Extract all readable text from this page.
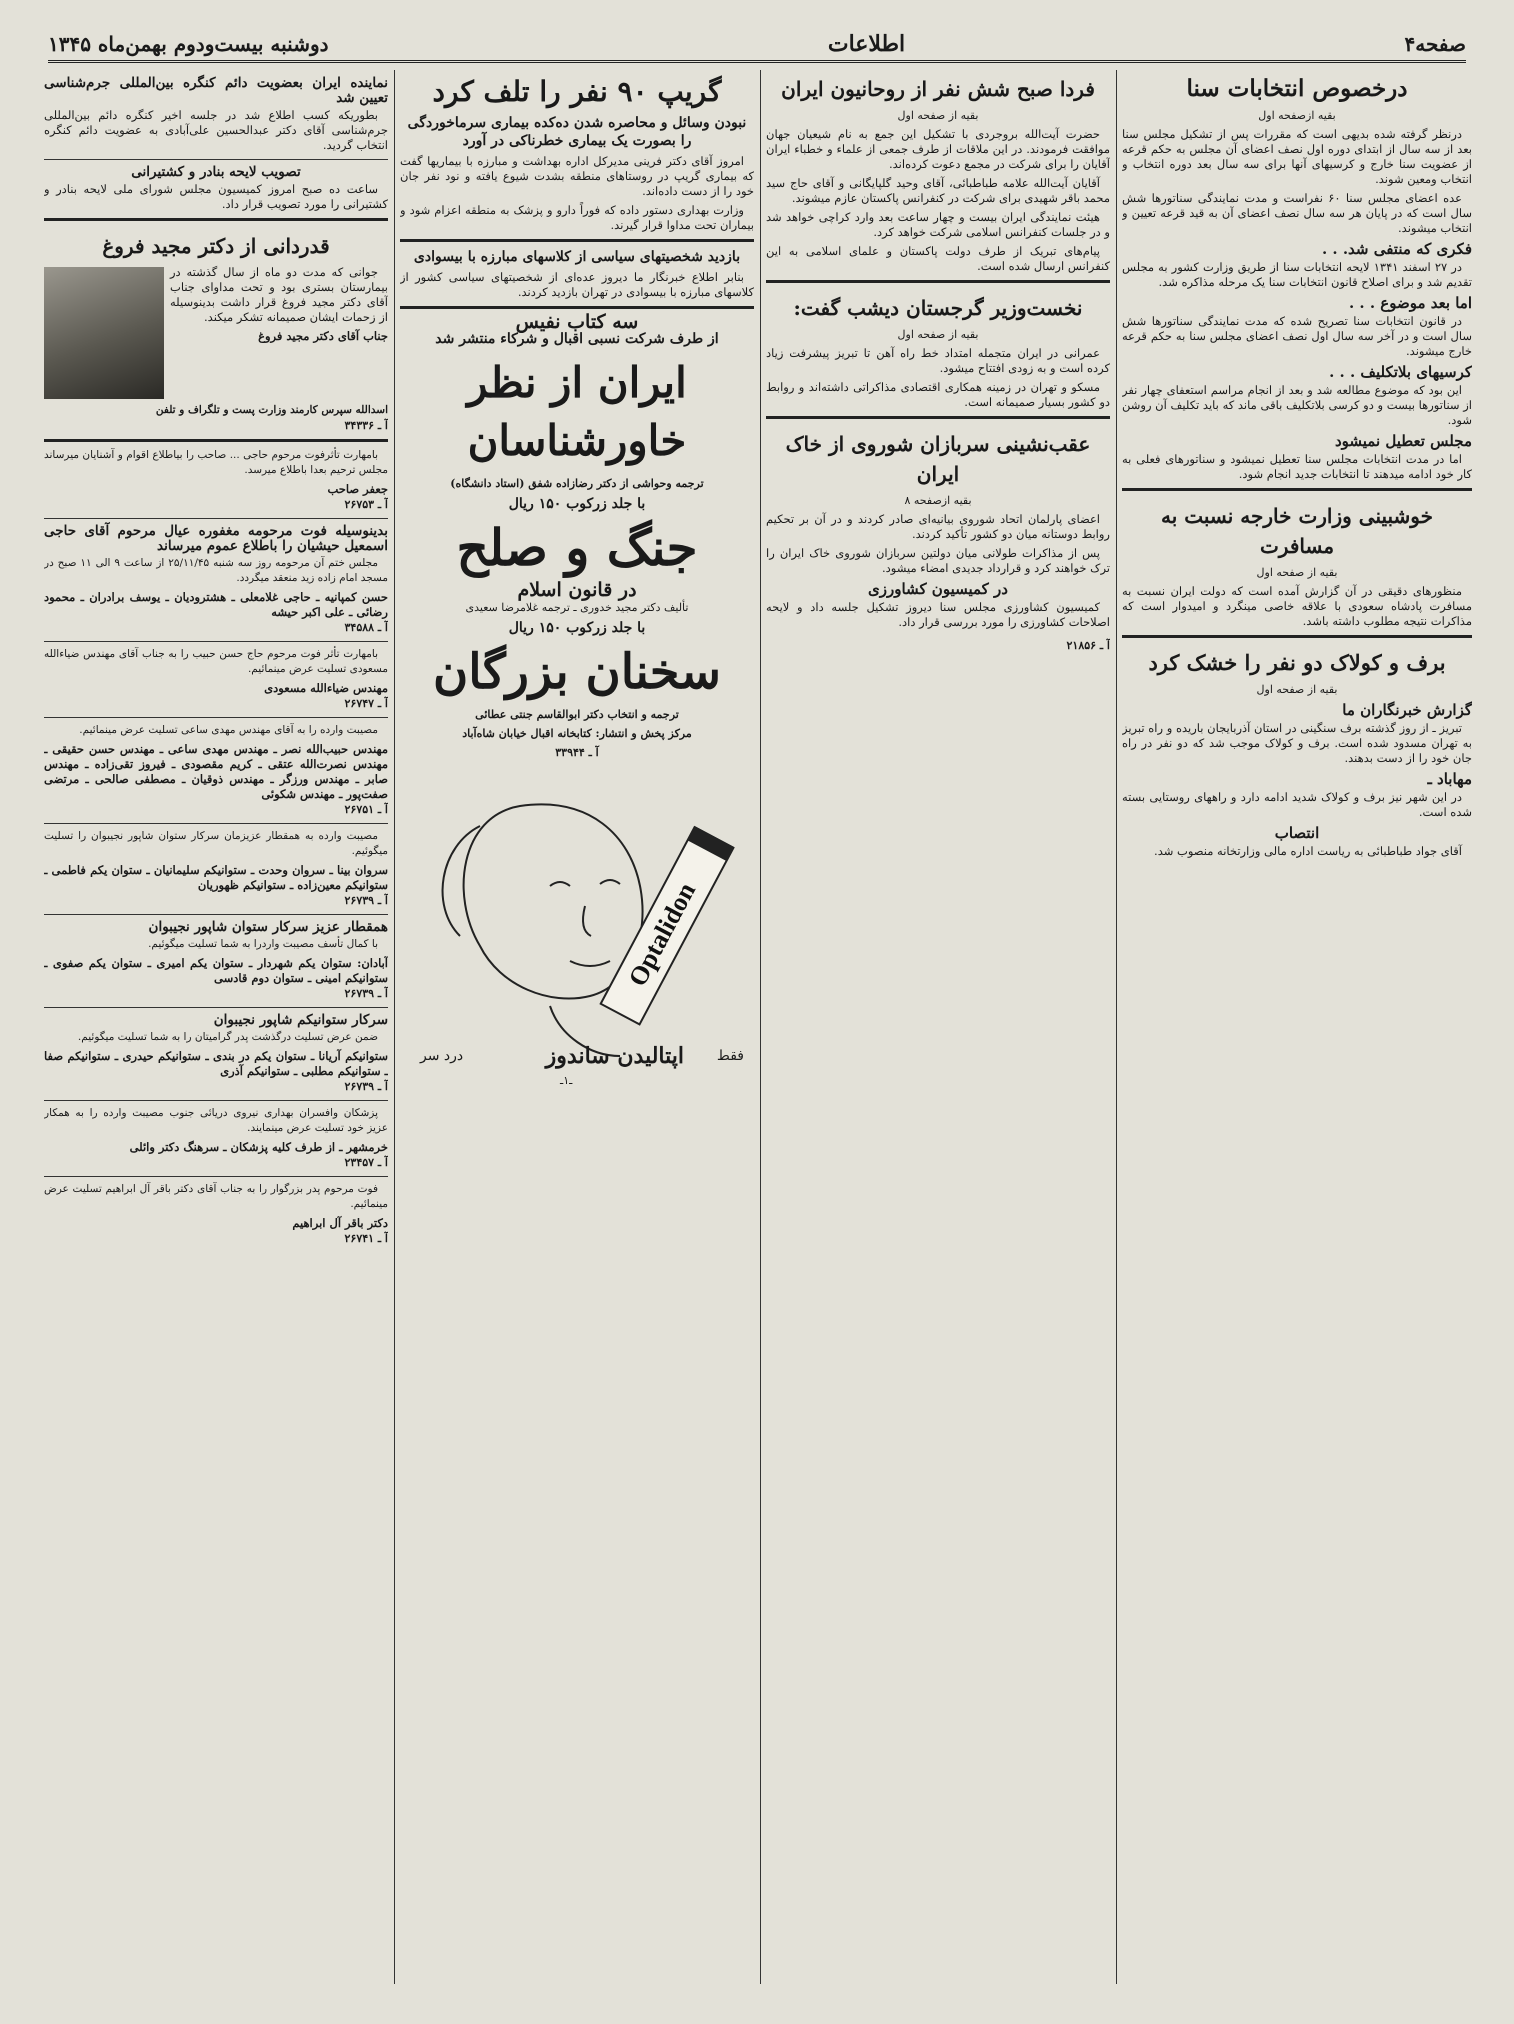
صفحه۴
اطلاعات
دوشنبه بیست‌ودوم بهمن‌ماه ۱۳۴۵
درخصوص انتخابات سنا
بقیه ازصفحه اول

درنظر گرفته شده بدیهی است که مقررات پس از تشکیل مجلس سنا بعد از سه سال از ابتدای دوره اول نصف اعضای آن مجلس به حکم قرعه از عضویت سنا خارج و کرسیهای آنها برای سه سال بعد دوره انتخاب و انتخاب ومعین شوند.

عده اعضای مجلس سنا ۶۰ نفراست و مدت نمایندگی سناتورها شش سال است که در پایان هر سه سال نصف اعضای آن به قید قرعه تعیین و انتخاب میشوند.

فکری که منتفی شد. . .

در ۲۷ اسفند ۱۳۴۱ لایحه انتخابات سنا از طریق وزارت کشور به مجلس تقدیم شد و برای اصلاح قانون انتخابات سنا یک مرحله مذاکره شد.

اما بعد موضوع . . .

در قانون انتخابات سنا تصریح شده که مدت نمایندگی سناتورها شش سال است و در آخر سه سال اول نصف اعضای مجلس سنا به حکم قرعه خارج میشوند.

کرسیهای بلاتکلیف . . .

این بود که موضوع مطالعه شد و بعد از انجام مراسم استعفای چهار نفر از سناتورها بیست و دو کرسی بلاتکلیف باقی ماند که باید تکلیف آن روشن شود.

مجلس تعطیل نمیشود

اما در مدت انتخابات مجلس سنا تعطیل نمیشود و سناتورهای فعلی به کار خود ادامه میدهند تا انتخابات جدید انجام شود.

خوشبینی وزارت خارجه نسبت به مسافرت
بقیه از صفحه اول

منظورهای دقیقی در آن گزارش آمده است که دولت ایران نسبت به مسافرت پادشاه سعودی با علاقه خاصی مینگرد و امیدوار است که مذاکرات نتیجه مطلوب داشته باشد.

برف و کولاک دو نفر را خشک کرد
بقیه از صفحه اول
گزارش خبرنگاران ما

تبریز ـ از روز گذشته برف سنگینی در استان آذربایجان باریده و راه تبریز به تهران مسدود شده است. برف و کولاک موجب شد که دو نفر در راه جان خود را از دست بدهند.

مهاباد ـ

در این شهر نیز برف و کولاک شدید ادامه دارد و راههای روستایی بسته شده است.

انتصاب

آقای جواد طباطبائی به ریاست اداره مالی وزارتخانه منصوب شد.

فردا صبح شش نفر از روحانیون ایران
بقیه از صفحه اول

حضرت آیت‌الله بروجردی با تشکیل این جمع به نام شیعیان جهان موافقت فرمودند. در این ملاقات از طرف جمعی از علماء و خطباء ایران آقایان را برای شرکت در مجمع دعوت کرده‌اند.

آقایان آیت‌الله علامه طباطبائی، آقای وحید گلپایگانی و آقای حاج سید محمد باقر شهیدی برای شرکت در کنفرانس پاکستان عازم میشوند.

هیئت نمایندگی ایران بیست و چهار ساعت بعد وارد کراچی خواهد شد و در جلسات کنفرانس اسلامی شرکت خواهد کرد.

پیام‌های تبریک از طرف دولت پاکستان و علمای اسلامی به این کنفرانس ارسال شده است.

نخست‌وزیر گرجستان دیشب گفت:
بقیه از صفحه اول

عمرانی در ایران متجمله امتداد خط راه آهن تا تبریز پیشرفت زیاد کرده است و به زودی افتتاح میشود.

مسکو و تهران در زمینه همکاری اقتصادی مذاکراتی داشته‌اند و روابط دو کشور بسیار صمیمانه است.

عقب‌نشینی سربازان شوروی از خاک ایران
بقیه ازصفحه ۸

اعضای پارلمان اتحاد شوروی بیانیه‌ای صادر کردند و در آن بر تحکیم روابط دوستانه میان دو کشور تأکید کردند.

پس از مذاکرات طولانی میان دولتین سربازان شوروی خاک ایران را ترک خواهند کرد و قرارداد جدیدی امضاء میشود.

در کمیسیون کشاورزی

کمیسیون کشاورزی مجلس سنا دیروز تشکیل جلسه داد و لایحه اصلاحات کشاورزی را مورد بررسی قرار داد.

آ ـ ۲۱۸۵۶
گریپ ۹۰ نفر را تلف کرد
نبودن وسائل و محاصره شدن ده‌کده بیماری سرماخوردگی را بصورت یک بیماری خطرناکی در آورد

امروز آقای دکتر فرینی مدیرکل اداره بهداشت و مبارزه با بیماریها گفت که بیماری گریپ در روستاهای منطقه بشدت شیوع یافته و نود نفر جان خود را از دست داده‌اند.

وزارت بهداری دستور داده که فوراً دارو و پزشک به منطقه اعزام شود و بیماران تحت مداوا قرار گیرند.

بازدید شخصیتهای سیاسی از کلاسهای مبارزه با بیسوادی

بنابر اطلاع خبرنگار ما دیروز عده‌ای از شخصیتهای سیاسی کشور از کلاسهای مبارزه با بیسوادی در تهران بازدید کردند.

سه کتاب نفیس
از طرف شرکت نسبی اقبال و شرکاء منتشر شد
ایران از نظر خاورشناسان
ترجمه وحواشی از دکتر رضازاده شفق (استاد دانشگاه)
با جلد زرکوب ۱۵۰ ریال
جنگ و صلح
در قانون اسلام
تألیف دکتر مجید خدوری ـ ترجمه غلامرضا سعیدی
با جلد زرکوب ۱۵۰ ریال
سخنان بزرگان
ترجمه و انتخاب دکتر ابوالقاسم جنتی عطائی
مرکز پخش و انتشار: کتابخانه اقبال خیابان شاه‌آباد
آ ـ ۳۳۹۴۴
Optalidon
اپتالیدن ساندوز فقط
درد سر
ـ۱ـ
نماینده ایران بعضویت دائم کنگره بین‌المللی جرم‌شناسی تعیین شد

بطوریکه کسب اطلاع شد در جلسه اخیر کنگره دائم بین‌المللی جرم‌شناسی آقای دکتر عبدالحسین علی‌آبادی به عضویت دائم کنگره انتخاب گردید.

تصویب لایحه بنادر و کشتیرانی

ساعت ده صبح امروز کمیسیون مجلس شورای ملی لایحه بنادر و کشتیرانی را مورد تصویب قرار داد.

قدردانی از دکتر مجید فروغ

جوانی که مدت دو ماه از سال گذشته در بیمارستان بستری بود و تحت مداوای جناب آقای دکتر مجید فروغ قرار داشت بدینوسیله از زحمات ایشان صمیمانه تشکر میکند.

جناب آقای دکتر مجید فروغ
اسدالله سپرس کارمند وزارت پست و تلگراف و تلفن
آ ـ ۳۴۳۳۶

بامهارت تأثرفوت مرحوم حاجی ... صاحب را بیاطلاع اقوام و آشنایان میرساند مجلس ترحیم بعدا باطلاع میرسد.

جعفر صاحب
آ ـ ۲۶۷۵۳
بدینوسیله فوت مرحومه مغفوره عیال مرحوم آقای حاجی اسمعیل حیشیان را باطلاع عموم میرساند

مجلس ختم آن مرحومه روز سه شنبه ۲۵/۱۱/۴۵ از ساعت ۹ الی ۱۱ صبح در مسجد امام زاده زید منعقد میگردد.

حسن کمپانیه ـ حاجی غلامعلی ـ هشترودیان ـ یوسف برادران ـ محمود رضائی ـ علی اکبر حیشه
آ ـ ۳۴۵۸۸

بامهارت تأثر فوت مرحوم حاج حسن حبیب را به جناب آقای مهندس ضیاءالله مسعودی تسلیت عرض مینمائیم.

مهندس ضیاءالله مسعودی
آ ـ ۲۶۷۴۷

مصیبت وارده را به آقای مهندس مهدی ساعی تسلیت عرض مینمائیم.

مهندس حبیب‌الله نصر ـ مهندس مهدی ساعی ـ مهندس حسن حقیقی ـ مهندس نصرت‌الله عتقی ـ کریم مقصودی ـ فیروز تقی‌زاده ـ مهندس صابر ـ مهندس ورزگر ـ مهندس ذوقیان ـ مصطفی صالحی ـ مرتضی صفت‌پور ـ مهندس شکوئی
آ ـ ۲۶۷۵۱

مصیبت وارده به همقطار عزیزمان سرکار ستوان شاپور نجیبوان را تسلیت میگوئیم.

سروان بینا ـ سروان وحدت ـ ستوانیکم سلیمانیان ـ ستوان یکم فاطمی ـ ستوانیکم معین‌زاده ـ ستوانیکم ظهوریان
آ ـ ۲۶۷۳۹
همقطار عزیز سرکار ستوان شاپور نجیبوان

با کمال تأسف مصیبت واردرا به شما تسلیت میگوئیم.

آبادان: ستوان یکم شهردار ـ ستوان یکم امیری ـ ستوان یکم صفوی ـ ستوانیکم امینی ـ ستوان دوم قادسی
آ ـ ۲۶۷۳۹
سرکار ستوانیکم شاپور نجیبوان

ضمن عرض تسلیت درگذشت پدر گرامیتان را به شما تسلیت میگوئیم.

ستوانیکم آریانا ـ ستوان یکم در بندی ـ ستوانیکم حیدری ـ ستوانیکم صفا ـ ستوانیکم مطلبی ـ ستوانیکم آذری
آ ـ ۲۶۷۳۹

پزشکان وافسران بهداری نیروی دریائی جنوب مصیبت وارده را به همکار عزیز خود تسلیت عرض مینمایند.

خرمشهر ـ از طرف کلیه پزشکان ـ سرهنگ دکتر وائلی
آ ـ ۲۳۴۵۷

فوت مرحوم پدر بزرگوار را به جناب آقای دکتر باقر آل ابراهیم تسلیت عرض مینمائیم.

دکتر باقر آل ابراهیم
آ ـ ۲۶۷۴۱
